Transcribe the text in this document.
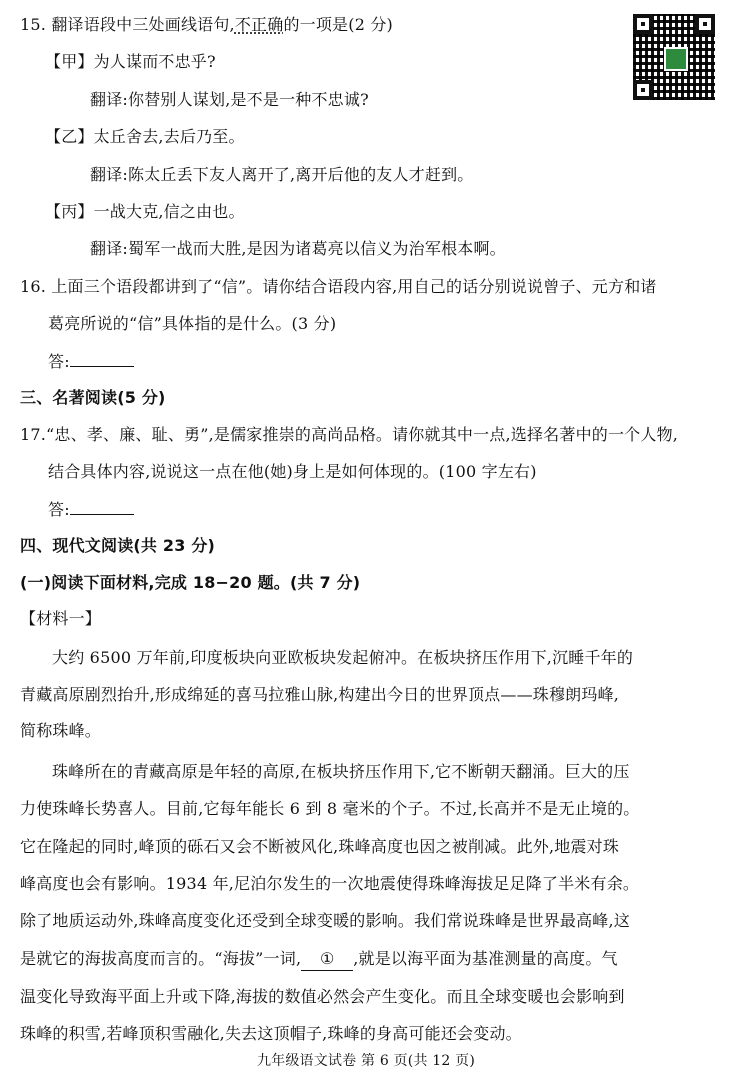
15. 翻译语段中三处画线语句,不正确的一项是(2 分)
【甲】为人谋而不忠乎?
翻译:你替别人谋划,是不是一种不忠诚?
【乙】太丘舍去,去后乃至。
翻译:陈太丘丢下友人离开了,离开后他的友人才赶到。
【丙】一战大克,信之由也。
翻译:蜀军一战而大胜,是因为诸葛亮以信义为治军根本啊。
16. 上面三个语段都讲到了“信”。请你结合语段内容,用自己的话分别说说曾子、元方和诸
葛亮所说的“信”具体指的是什么。(3 分)
答:
三、名著阅读(5 分)
17.“忠、孝、廉、耻、勇”,是儒家推崇的高尚品格。请你就其中一点,选择名著中的一个人物,
结合具体内容,说说这一点在他(她)身上是如何体现的。(100 字左右)
答:
四、现代文阅读(共 23 分)
(一)阅读下面材料,完成 18−20 题。(共 7 分)
【材料一】
大约 6500 万年前,印度板块向亚欧板块发起俯冲。在板块挤压作用下,沉睡千年的
青藏高原剧烈抬升,形成绵延的喜马拉雅山脉,构建出今日的世界顶点——珠穆朗玛峰,
简称珠峰。
珠峰所在的青藏高原是年轻的高原,在板块挤压作用下,它不断朝天翻涌。巨大的压
力使珠峰长势喜人。目前,它每年能长 6 到 8 毫米的个子。不过,长高并不是无止境的。
它在隆起的同时,峰顶的砾石又会不断被风化,珠峰高度也因之被削减。此外,地震对珠
峰高度也会有影响。1934 年,尼泊尔发生的一次地震使得珠峰海拔足足降了半米有余。
除了地质运动外,珠峰高度变化还受到全球变暖的影响。我们常说珠峰是世界最高峰,这
是就它的海拔高度而言的。“海拔”一词, ① ,就是以海平面为基准测量的高度。气
温变化导致海平面上升或下降,海拔的数值必然会产生变化。而且全球变暖也会影响到
珠峰的积雪,若峰顶积雪融化,失去这顶帽子,珠峰的身高可能还会变动。
九年级语文试卷 第 6 页(共 12 页)
